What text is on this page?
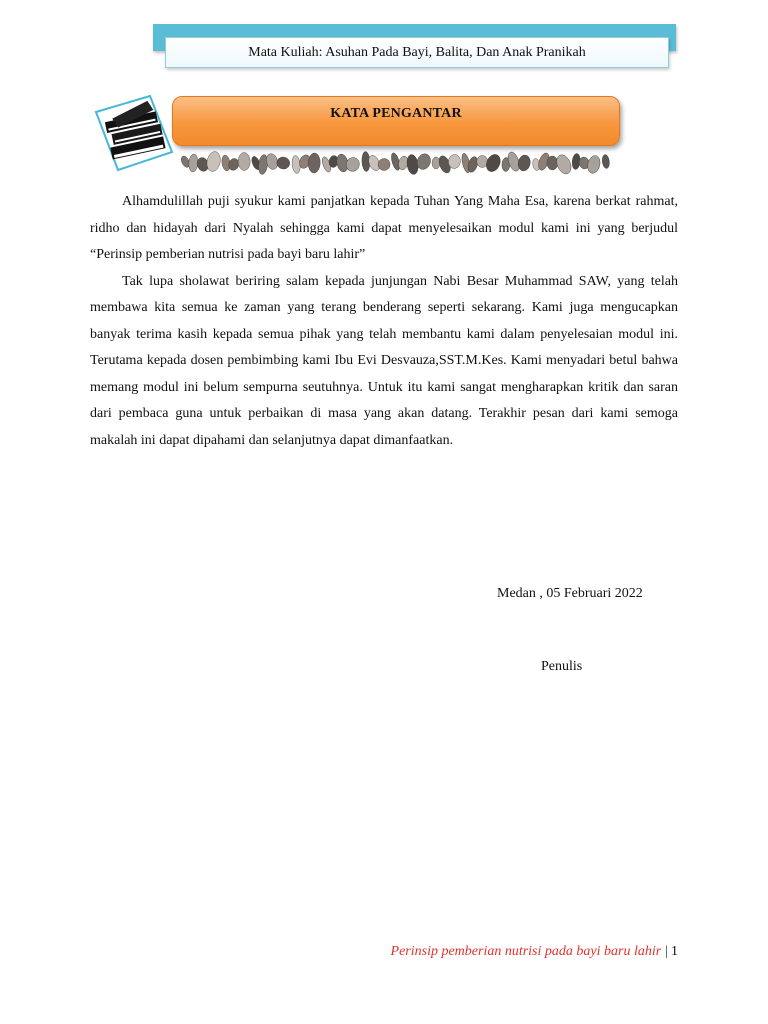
Mata Kuliah: Asuhan Pada Bayi, Balita, Dan Anak Pranikah
KATA PENGANTAR

Alhamdulillah puji syukur kami panjatkan kepada Tuhan Yang Maha Esa, karena berkat rahmat, ridho dan hidayah dari Nyalah sehingga kami dapat menyelesaikan modul kami ini yang berjudul “Perinsip pemberian nutrisi pada bayi baru lahir”

Tak lupa sholawat beriring salam kepada junjungan Nabi Besar Muhammad SAW, yang telah membawa kita semua ke zaman yang terang benderang seperti sekarang. Kami juga mengucapkan banyak terima kasih kepada semua pihak yang telah membantu kami dalam penyelesaian modul ini. Terutama kepada dosen pembimbing kami Ibu Evi Desvauza,SST.M.Kes. Kami menyadari betul bahwa memang modul ini belum sempurna seutuhnya. Untuk itu kami sangat mengharapkan kritik dan saran dari pembaca guna untuk perbaikan di masa yang akan datang. Terakhir pesan dari kami semoga makalah ini dapat dipahami dan selanjutnya dapat dimanfaatkan.

Medan , 05 Februari 2022
Penulis
Perinsip pemberian nutrisi pada bayi baru lahir | 1
